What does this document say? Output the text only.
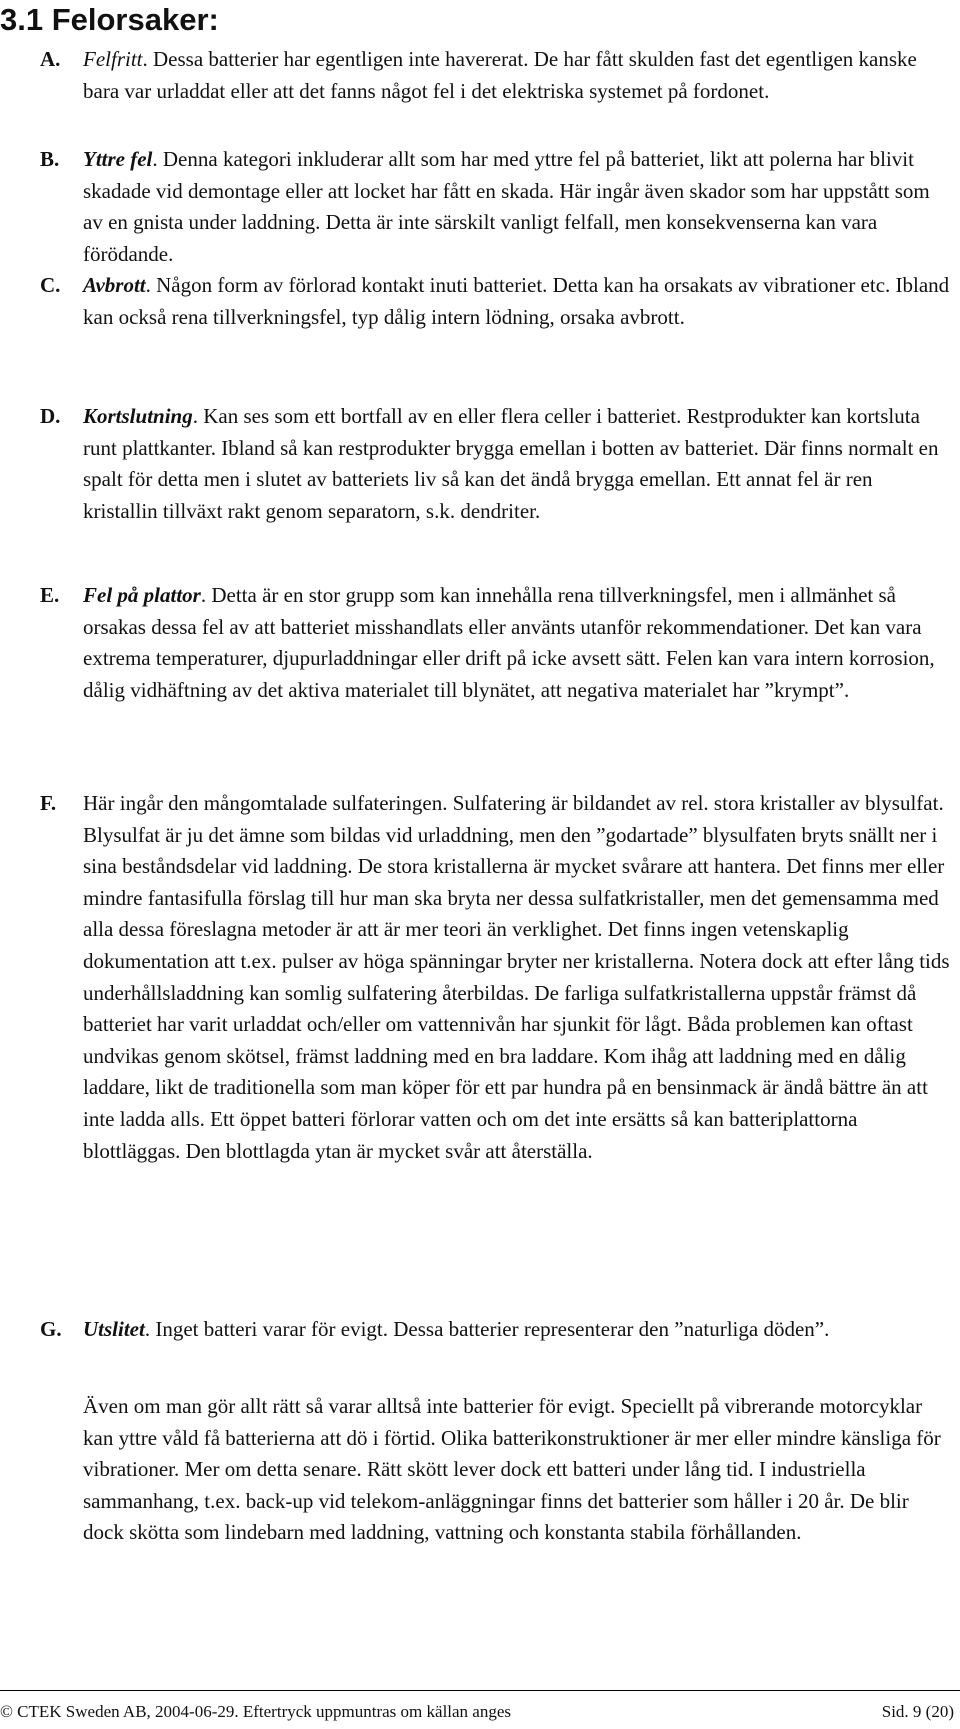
3.1 Felorsaker:
A. Felfritt. Dessa batterier har egentligen inte havererat. De har fått skulden fast det egentligen kanske bara var urladdat eller att det fanns något fel i det elektriska systemet på fordonet.
B. Yttre fel. Denna kategori inkluderar allt som har med yttre fel på batteriet, likt att polerna har blivit skadade vid demontage eller att locket har fått en skada. Här ingår även skador som har uppstått som av en gnista under laddning. Detta är inte särskilt vanligt felfall, men konsekvenserna kan vara förödande.
C. Avbrott. Någon form av förlorad kontakt inuti batteriet. Detta kan ha orsakats av vibrationer etc. Ibland kan också rena tillverkningsfel, typ dålig intern lödning, orsaka avbrott.
D. Kortslutning. Kan ses som ett bortfall av en eller flera celler i batteriet. Restprodukter kan kortsluta runt plattkanter. Ibland så kan restprodukter brygga emellan i botten av batteriet. Där finns normalt en spalt för detta men i slutet av batteriets liv så kan det ändå brygga emellan. Ett annat fel är ren kristallin tillväxt rakt genom separatorn, s.k. dendriter.
E. Fel på plattor. Detta är en stor grupp som kan innehålla rena tillverkningsfel, men i allmänhet så orsakas dessa fel av att batteriet misshandlats eller använts utanför rekommendationer. Det kan vara extrema temperaturer, djupurladdningar eller drift på icke avsett sätt. Felen kan vara intern korrosion, dålig vidhäftning av det aktiva materialet till blynätet, att negativa materialet har ”krympt”.
F. Här ingår den mångomtalade sulfateringen. Sulfatering är bildandet av rel. stora kristaller av blysulfat. Blysulfat är ju det ämne som bildas vid urladdning, men den ”godartade” blysulfaten bryts snällt ner i sina beståndsdelar vid laddning. De stora kristallerna är mycket svårare att hantera. Det finns mer eller mindre fantasifulla förslag till hur man ska bryta ner dessa sulfatkristaller, men det gemensamma med alla dessa föreslagna metoder är att är mer teori än verklighet. Det finns ingen vetenskaplig dokumentation att t.ex. pulser av höga spänningar bryter ner kristallerna. Notera dock att efter lång tids underhållsladdning kan somlig sulfatering återbildas. De farliga sulfatkristallerna uppstår främst då batteriet har varit urladdat och/eller om vattennivån har sjunkit för lågt. Båda problemen kan oftast undvikas genom skötsel, främst laddning med en bra laddare. Kom ihåg att laddning med en dålig laddare, likt de traditionella som man köper för ett par hundra på en bensinmack är ändå bättre än att inte ladda alls. Ett öppet batteri förlorar vatten och om det inte ersätts så kan batteriplattorna blottläggas. Den blottlagda ytan är mycket svår att återställa.
G. Utslitet. Inget batteri varar för evigt. Dessa batterier representerar den ”naturliga döden”.
Även om man gör allt rätt så varar alltså inte batterier för evigt. Speciellt på vibrerande motorcyklar kan yttre våld få batterierna att dö i förtid. Olika batterikonstruktioner är mer eller mindre känsliga för vibrationer. Mer om detta senare. Rätt skött lever dock ett batteri under lång tid. I industriella sammanhang, t.ex. back-up vid telekom-anläggningar finns det batterier som håller i 20 år. De blir dock skötta som lindebarn med laddning, vattning och konstanta stabila förhållanden.
© CTEK Sweden AB, 2004-06-29. Eftertryck uppmuntras om källan anges	Sid. 9 (20)
